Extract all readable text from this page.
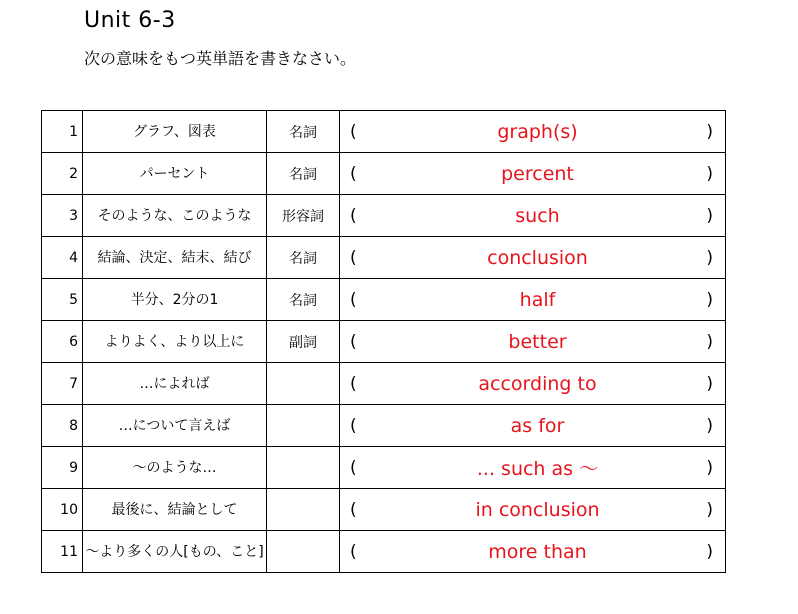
Unit 6-3
次の意味をもつ英単語を書きなさい。
1	グラフ、図表	名詞	( graph(s) )

2	パーセント	名詞	( percent )

3	そのような、このような	形容詞	( such )

4	結論、決定、結末、結び	名詞	( conclusion )

5	半分、2分の1	名詞	( half )

6	よりよく、より以上に	副詞	( better )

7	…によれば		( according to )

8	…について言えば		( as for )

9	～のような…		( ... such as ～ )

10	最後に、結論として		( in conclusion )

11	～より多くの人[もの、こと]		( more than )
